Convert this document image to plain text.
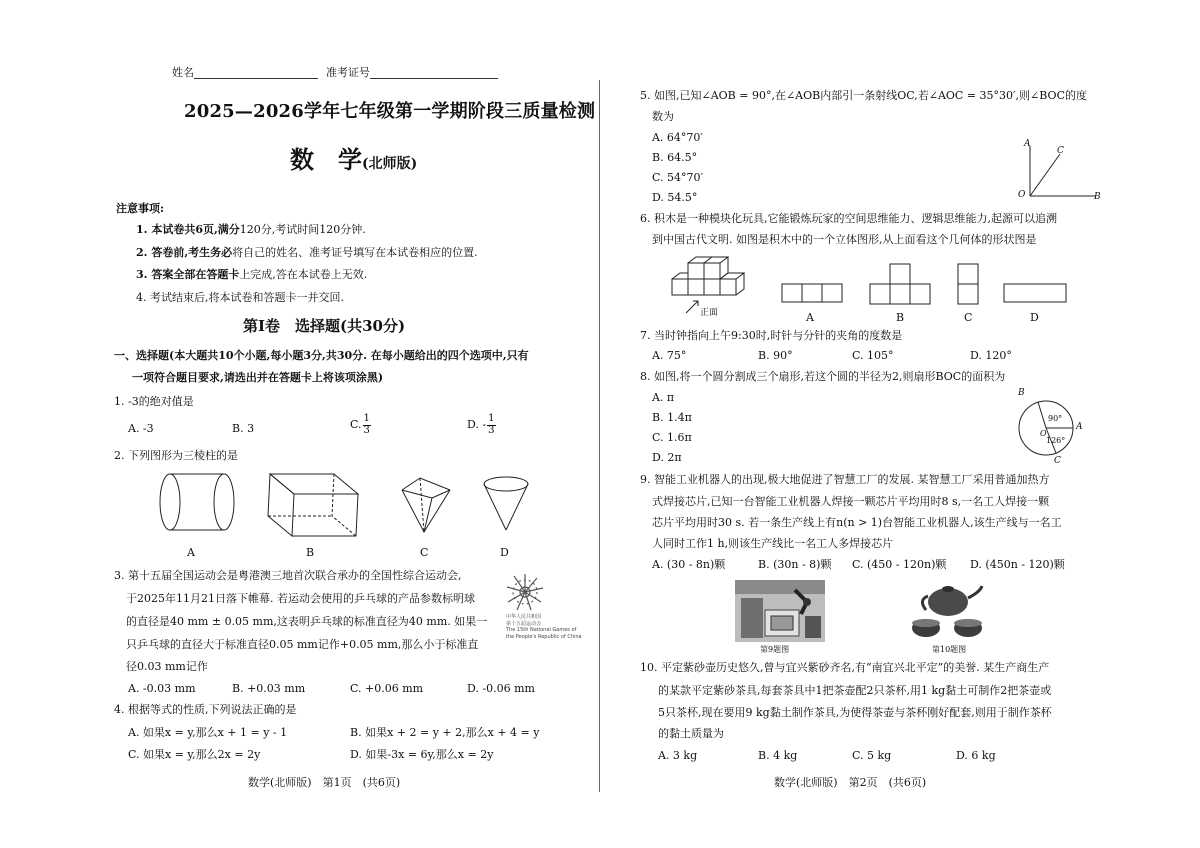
姓名	准考证号
2025—2026学年七年级第一学期阶段三质量检测
数　学(北师版)
注意事项:
1. 本试卷共6页,满分120分,考试时间120分钟.
2. 答卷前,考生务必将自己的姓名、准考证号填写在本试卷相应的位置.
3. 答案全部在答题卡上完成,答在本试卷上无效.
4. 考试结束后,将本试卷和答题卡一并交回.
第Ⅰ卷　选择题(共30分)
一、选择题(本大题共10个小题,每小题3分,共30分. 在每小题给出的四个选项中,只有
一项符合题目要求,请选出并在答题卡上将该项涂黑)
1. -3的绝对值是
A. -3	B. 3	C. $\frac{1}{3}$	D. - $\frac{1}{3}$
2. 下列图形为三棱柱的是
A	B	C	D
3. 第十五届全国运动会是粤港澳三地首次联合承办的全国性综合运动会,
于2025年11月21日落下帷幕. 若运动会使用的乒乓球的产品参数标明球
的直径是40 mm ± 0.05 mm,这表明乒乓球的标准直径为40 mm. 如果一
只乒乓球的直径大于标准直径0.05 mm记作+0.05 mm,那么小于标准直
径0.03 mm记作
中华人民共和国
第十五届运动会
The 15th National Games of
the People's Republic of China
A. -0.03 mm	B. +0.03 mm	C. +0.06 mm	D. -0.06 mm
4. 根据等式的性质,下列说法正确的是
A. 如果x = y,那么x + 1 = y - 1	B. 如果x + 2 = y + 2,那么x + 4 = y
C. 如果x = y,那么2x = 2y	D. 如果-3x = 6y,那么x = 2y
数学(北师版)　第1页　(共6页)
5. 如图,已知∠AOB = 90°,在∠AOB内部引一条射线OC,若∠AOC = 35°30′,则∠BOC的度
数为
A. 64°70′
B. 64.5°
C. 54°70′
D. 54.5°
A
C
O	B
6. 积木是一种模块化玩具,它能锻炼玩家的空间思维能力、逻辑思维能力,起源可以追溯
到中国古代文明. 如图是积木中的一个立体图形,从上面看这个几何体的形状图是
正面	A	B	C	D
7. 当时钟指向上午9:30时,时针与分针的夹角的度数是
A. 75°	B. 90°	C. 105°	D. 120°
8. 如图,将一个圆分割成三个扇形,若这个圆的半径为2,则扇形BOC的面积为
A. π
B. 1.4π
C. 1.6π
D. 2π
B
A
C
O
90°
126°
9. 智能工业机器人的出现,极大地促进了智慧工厂的发展. 某智慧工厂采用普通加热方
式焊接芯片,已知一台智能工业机器人焊接一颗芯片平均用时8 s,一名工人焊接一颗
芯片平均用时30 s. 若一条生产线上有n(n > 1)台智能工业机器人,该生产线与一名工
人同时工作1 h,则该生产线比一名工人多焊接芯片
A. (30 - 8n)颗	B. (30n - 8)颗 C. (450 - 120n)颗 D. (450n - 120)颗
第9题图	第10题图
10. 平定紫砂壶历史悠久,曾与宜兴紫砂齐名,有“南宜兴北平定”的美誉. 某生产商生产
的某款平定紫砂茶具,每套茶具中1把茶壶配2只茶杯,用1 kg黏土可制作2把茶壶或
5只茶杯,现在要用9 kg黏土制作茶具,为使得茶壶与茶杯刚好配套,则用于制作茶杯
的黏土质量为
A. 3 kg	B. 4 kg	C. 5 kg	D. 6 kg
数学(北师版)　第2页　(共6页)
